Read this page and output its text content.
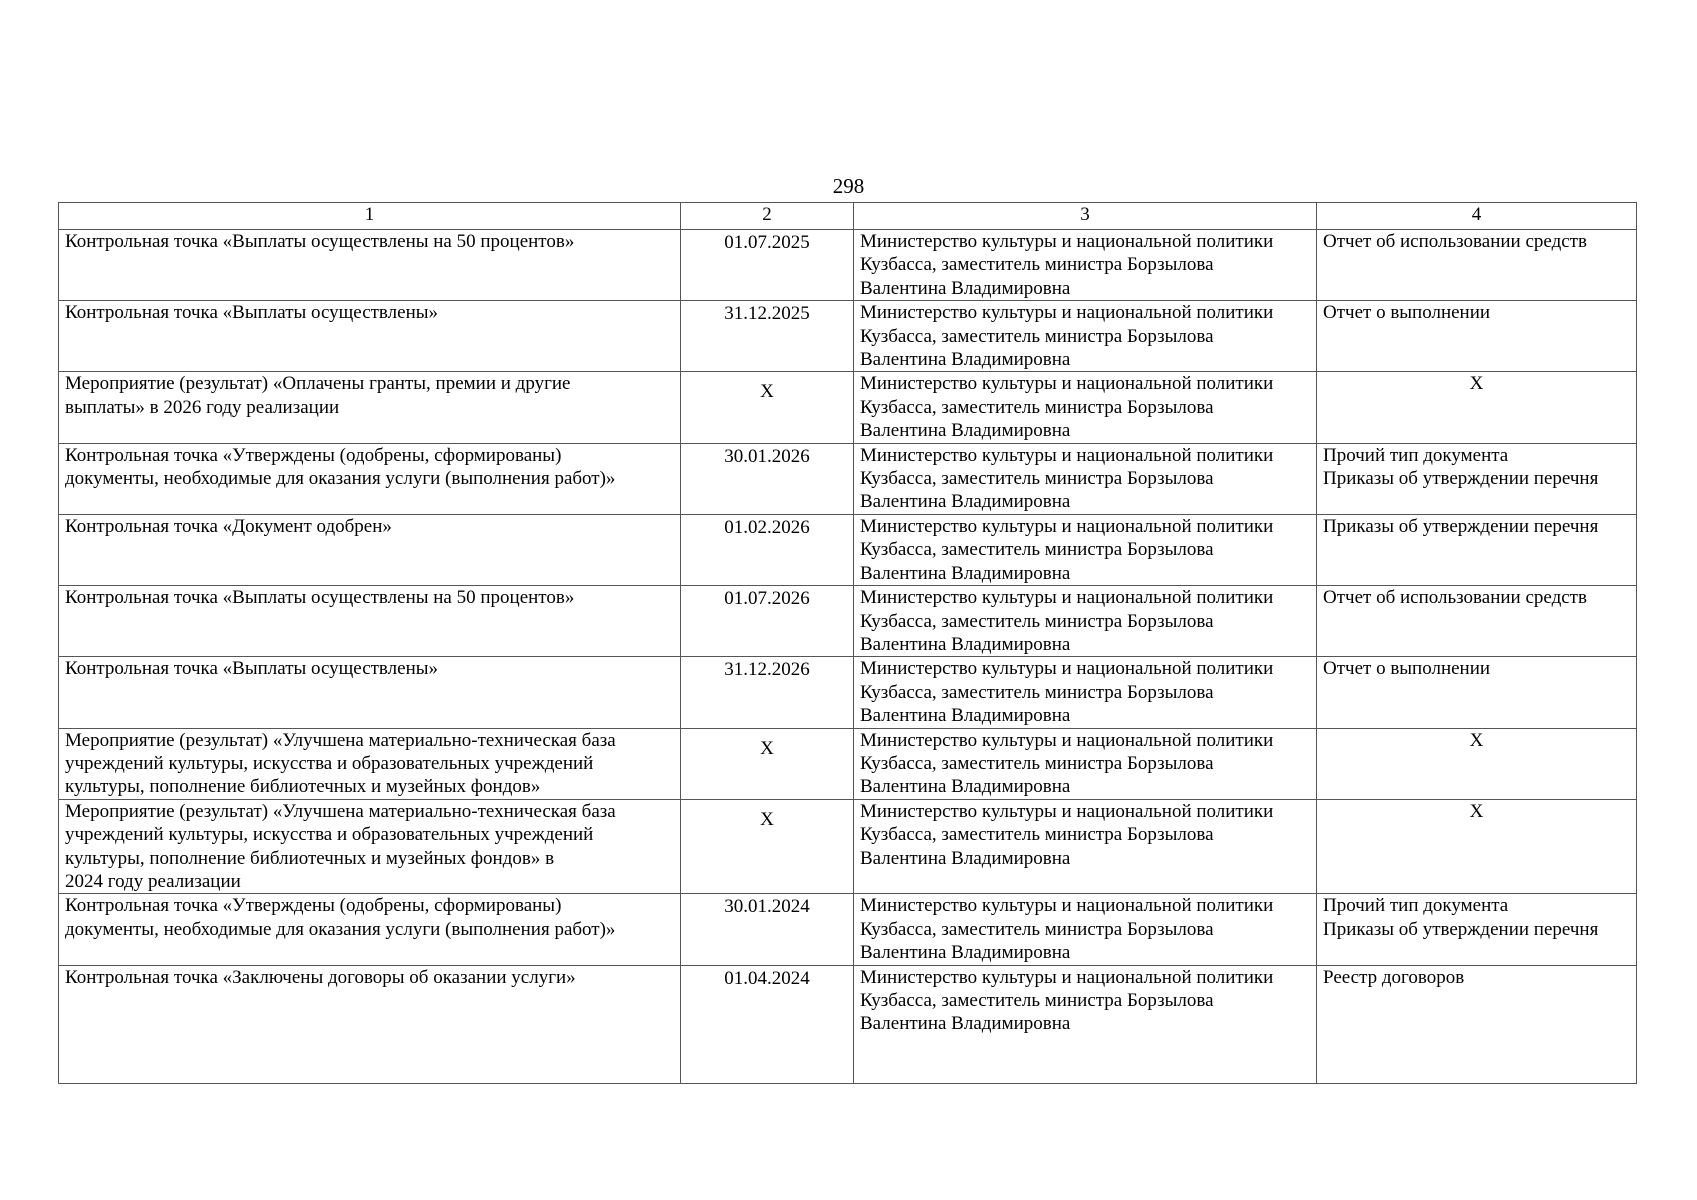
298
1	2	3	4

Контрольная точка «Выплаты осуществлены на 50 процентов»	01.07.2025	Министерство культуры и национальной политики
Кузбасса, заместитель министра Борзылова
Валентина Владимировна	Отчет об использовании средств

Контрольная точка «Выплаты осуществлены»	31.12.2025	Министерство культуры и национальной политики
Кузбасса, заместитель министра Борзылова
Валентина Владимировна	Отчет о выполнении

Мероприятие (результат) «Оплачены гранты, премии и другие
выплаты» в 2026 году реализации	X	Министерство культуры и национальной политики
Кузбасса, заместитель министра Борзылова
Валентина Владимировна	X

Контрольная точка «Утверждены (одобрены, сформированы)
документы, необходимые для оказания услуги (выполнения работ)»	30.01.2026	Министерство культуры и национальной политики
Кузбасса, заместитель министра Борзылова
Валентина Владимировна	Прочий тип документа
Приказы об утверждении перечня

Контрольная точка «Документ одобрен»	01.02.2026	Министерство культуры и национальной политики
Кузбасса, заместитель министра Борзылова
Валентина Владимировна	Приказы об утверждении перечня

Контрольная точка «Выплаты осуществлены на 50 процентов»	01.07.2026	Министерство культуры и национальной политики
Кузбасса, заместитель министра Борзылова
Валентина Владимировна	Отчет об использовании средств

Контрольная точка «Выплаты осуществлены»	31.12.2026	Министерство культуры и национальной политики
Кузбасса, заместитель министра Борзылова
Валентина Владимировна	Отчет о выполнении

Мероприятие (результат) «Улучшена материально-техническая база
учреждений культуры, искусства и образовательных учреждений
культуры, пополнение библиотечных и музейных фондов»	X	Министерство культуры и национальной политики
Кузбасса, заместитель министра Борзылова
Валентина Владимировна	X

Мероприятие (результат) «Улучшена материально-техническая база
учреждений культуры, искусства и образовательных учреждений
культуры, пополнение библиотечных и музейных фондов» в
2024 году реализации	X	Министерство культуры и национальной политики
Кузбасса, заместитель министра Борзылова
Валентина Владимировна	X

Контрольная точка «Утверждены (одобрены, сформированы)
документы, необходимые для оказания услуги (выполнения работ)»	30.01.2024	Министерство культуры и национальной политики
Кузбасса, заместитель министра Борзылова
Валентина Владимировна	Прочий тип документа
Приказы об утверждении перечня

Контрольная точка «Заключены договоры об оказании услуги»	01.04.2024	Министерство культуры и национальной политики
Кузбасса, заместитель министра Борзылова
Валентина Владимировна	Реестр договоров
